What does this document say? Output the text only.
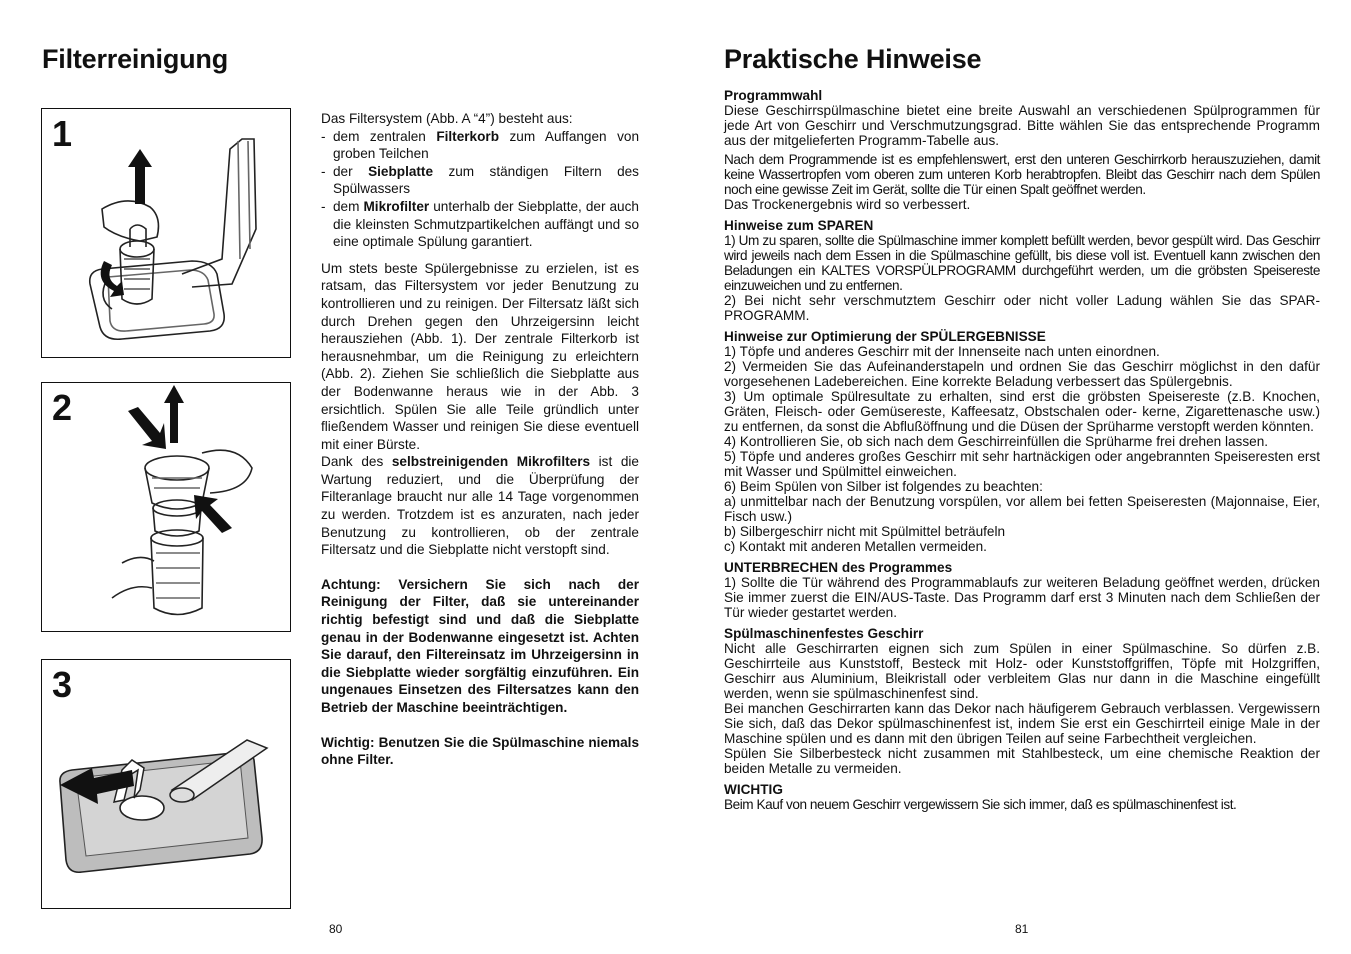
Filterreinigung
1
2
3

Das Filtersystem (Abb. A “4”) besteht aus:

- dem zentralen Filterkorb zum Auffangen von groben Teilchen
- der Siebplatte zum ständigen Filtern des Spülwassers
- dem Mikrofilter unterhalb der Siebplatte, der auch die kleinsten Schmutzpartikelchen auffängt und so eine optimale Spülung garantiert.

Um stets beste Spülergebnisse zu erzielen, ist es ratsam, das Filtersystem vor jeder Benutzung zu kontrollieren und zu reinigen. Der Filtersatz läßt sich durch Drehen gegen den Uhrzeigersinn leicht herausziehen (Abb. 1). Der zentrale Filterkorb ist herausnehmbar, um die Reinigung zu erleichtern (Abb. 2). Ziehen Sie schließlich die Siebplatte aus der Bodenwanne heraus wie in der Abb. 3 ersichtlich. Spülen Sie alle Teile gründlich unter fließendem Wasser und reinigen Sie diese eventuell mit einer Bürste.

Dank des selbstreinigenden Mikrofilters ist die Wartung reduziert, und die Überprüfung der Filteranlage braucht nur alle 14 Tage vorgenommen zu werden. Trotzdem ist es anzuraten, nach jeder Benutzung zu kontrollieren, ob der zentrale Filtersatz und die Siebplatte nicht verstopft sind.

Achtung: Versichern Sie sich nach der Reinigung der Filter, daß sie untereinander richtig befestigt sind und daß die Siebplatte genau in der Bodenwanne eingesetzt ist. Achten Sie darauf, den Filtereinsatz im Uhrzeigersinn in die Siebplatte wieder sorgfältig einzuführen. Ein ungenaues Einsetzen des Filtersatzes kann den Betrieb der Maschine beeinträchtigen.

Wichtig: Benutzen Sie die Spülmaschine niemals ohne Filter.

80
Praktische Hinweise
Programmwahl

Diese Geschirrspülmaschine bietet eine breite Auswahl an verschiedenen Spülprogrammen für jede Art von Geschirr und Verschmutzungsgrad. Bitte wählen Sie das entsprechende Programm aus der mitgelieferten Programm-Tabelle aus.

Nach dem Programmende ist es empfehlenswert, erst den unteren Geschirrkorb herauszuziehen, damit keine Wassertropfen vom oberen zum unteren Korb herabtropfen. Bleibt das Geschirr nach dem Spülen noch eine gewisse Zeit im Gerät, sollte die Tür einen Spalt geöffnet werden.

Das Trockenergebnis wird so verbessert.

Hinweise zum SPAREN

1) Um zu sparen, sollte die Spülmaschine immer komplett befüllt werden, bevor gespült wird. Das Geschirr wird jeweils nach dem Essen in die Spülmaschine gefüllt, bis diese voll ist. Eventuell kann zwischen den Beladungen ein KALTES VORSPÜLPROGRAMM durchgeführt werden, um die gröbsten Speisereste einzuweichen und zu entfernen.

2) Bei nicht sehr verschmutztem Geschirr oder nicht voller Ladung wählen Sie das SPAR-PROGRAMM.

Hinweise zur Optimierung der SPÜLERGEBNISSE

1) Töpfe und anderes Geschirr mit der Innenseite nach unten einordnen.

2) Vermeiden Sie das Aufeinanderstapeln und ordnen Sie das Geschirr möglichst in den dafür vorgesehenen Ladebereichen. Eine korrekte Beladung verbessert das Spülergebnis.

3) Um optimale Spülresultate zu erhalten, sind erst die gröbsten Speisereste (z.B. Knochen, Gräten, Fleisch- oder Gemüsereste, Kaffeesatz, Obstschalen oder- kerne, Zigarettenasche usw.) zu entfernen, da sonst die Abflußöffnung und die Düsen der Sprüharme verstopft werden könnten.

4) Kontrollieren Sie, ob sich nach dem Geschirreinfüllen die Sprüharme frei drehen lassen.

5) Töpfe und anderes großes Geschirr mit sehr hartnäckigen oder angebrannten Speiseresten erst mit Wasser und Spülmittel einweichen.

6) Beim Spülen von Silber ist folgendes zu beachten:

a) unmittelbar nach der Benutzung vorspülen, vor allem bei fetten Speiseresten (Majonnaise, Eier, Fisch usw.)

b) Silbergeschirr nicht mit Spülmittel beträufeln

c) Kontakt mit anderen Metallen vermeiden.

UNTERBRECHEN des Programmes

1) Sollte die Tür während des Programmablaufs zur weiteren Beladung geöffnet werden, drücken Sie immer zuerst die EIN/AUS-Taste. Das Programm darf erst 3 Minuten nach dem Schließen der Tür wieder gestartet werden.

Spülmaschinenfestes Geschirr

Nicht alle Geschirrarten eignen sich zum Spülen in einer Spülmaschine. So dürfen z.B. Geschirrteile aus Kunststoff, Besteck mit Holz- oder Kunststoffgriffen, Töpfe mit Holzgriffen, Geschirr aus Aluminium, Bleikristall oder verbleitem Glas nur dann in die Maschine eingefüllt werden, wenn sie spülmaschinenfest sind.

Bei manchen Geschirrarten kann das Dekor nach häufigerem Gebrauch verblassen. Vergewissern Sie sich, daß das Dekor spülmaschinenfest ist, indem Sie erst ein Geschirrteil einige Male in der Maschine spülen und es dann mit den übrigen Teilen auf seine Farbechtheit vergleichen.

Spülen Sie Silberbesteck nicht zusammen mit Stahlbesteck, um eine chemische Reaktion der beiden Metalle zu vermeiden.

WICHTIG

Beim Kauf von neuem Geschirr vergewissern Sie sich immer, daß es spülmaschinenfest ist.

81
